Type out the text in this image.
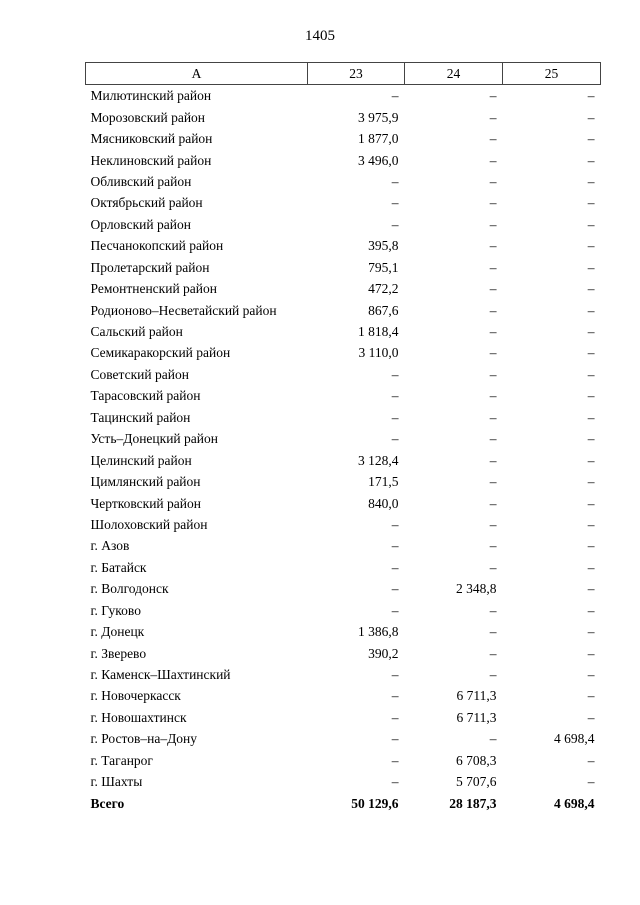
1405
А	23	24	25
Милютинский район	–	–	–
Морозовский район	3 975,9	–	–
Мясниковский район	1 877,0	–	–
Неклиновский район	3 496,0	–	–
Обливский район	–	–	–
Октябрьский район	–	–	–
Орловский район	–	–	–
Песчанокопский район	395,8	–	–
Пролетарский район	795,1	–	–
Ремонтненский район	472,2	–	–
Родионово–Несветайский район	867,6	–	–
Сальский район	1 818,4	–	–
Семикаракорский район	3 110,0	–	–
Советский район	–	–	–
Тарасовский район	–	–	–
Тацинский район	–	–	–
Усть–Донецкий район	–	–	–
Целинский район	3 128,4	–	–
Цимлянский район	171,5	–	–
Чертковский район	840,0	–	–
Шолоховский район	–	–	–
г. Азов	–	–	–
г. Батайск	–	–	–
г. Волгодонск	–	2 348,8	–
г. Гуково	–	–	–
г. Донецк	1 386,8	–	–
г. Зверево	390,2	–	–
г. Каменск–Шахтинский	–	–	–
г. Новочеркасск	–	6 711,3	–
г. Новошахтинск	–	6 711,3	–
г. Ростов–на–Дону	–	–	4 698,4
г. Таганрог	–	6 708,3	–
г. Шахты	–	5 707,6	–
Всего	50 129,6	28 187,3	4 698,4
